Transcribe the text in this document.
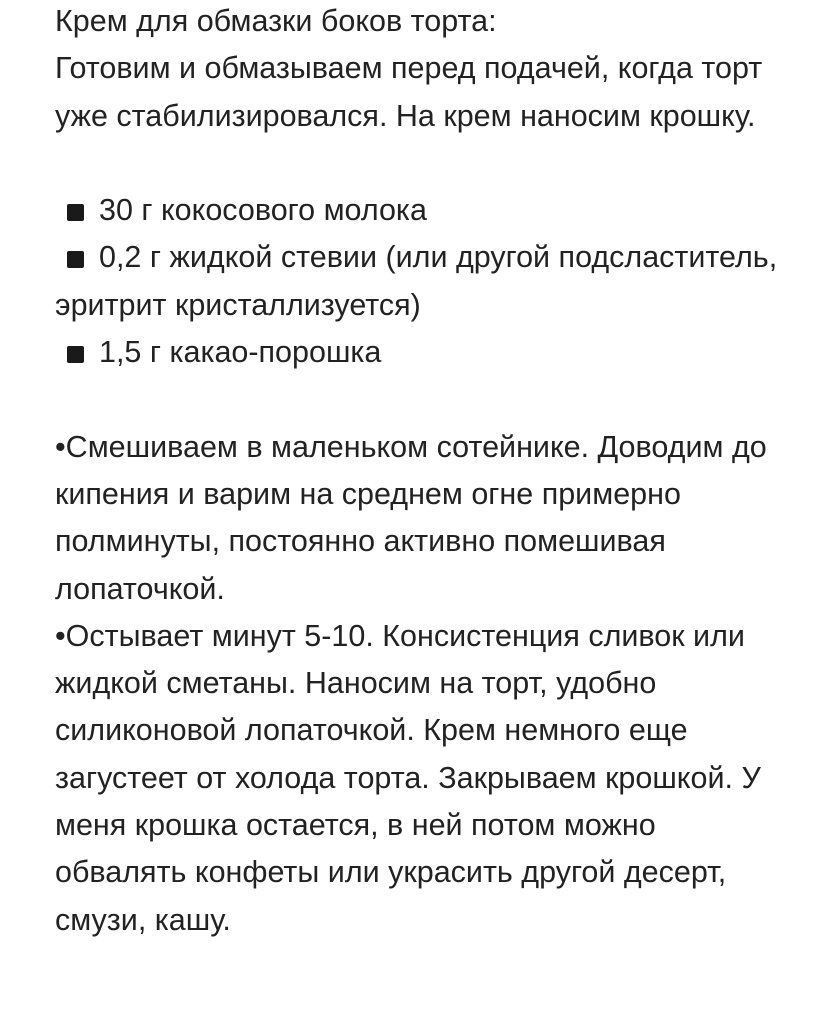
Крем для обмазки боков торта:
Готовим и обмазываем перед подачей, когда торт уже стабилизировался. На крем наносим крошку.
30 г кокосового молока
0,2 г жидкой стевии (или другой подсластитель, эритрит кристаллизуется)
1,5 г какао-порошка
•Смешиваем в маленьком сотейнике. Доводим до кипения и варим на среднем огне примерно полминуты, постоянно активно помешивая лопаточкой.
•Остывает минут 5-10. Консистенция сливок или жидкой сметаны. Наносим на торт, удобно силиконовой лопаточкой. Крем немного еще загустеет от холода торта. Закрываем крошкой. У меня крошка остается, в ней потом можно обвалять конфеты или украсить другой десерт, смузи, кашу.
